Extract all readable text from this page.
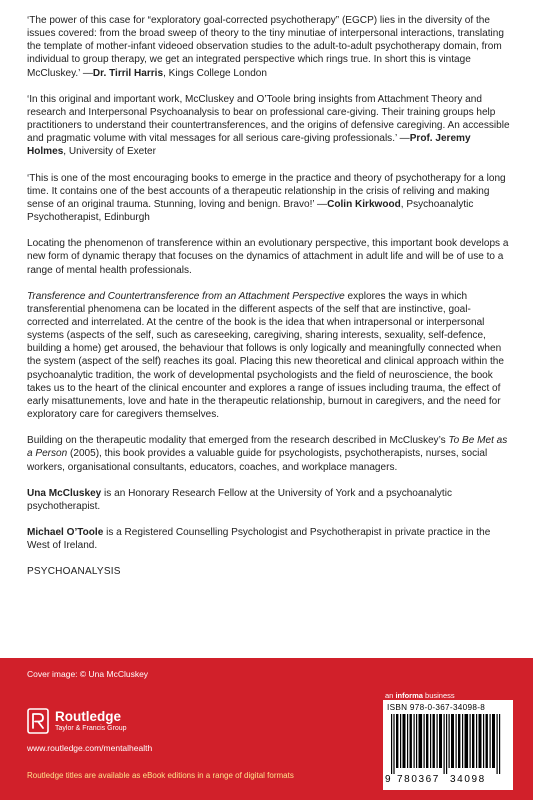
‘The power of this case for “exploratory goal-corrected psychotherapy” (EGCP) lies in the diversity of the issues covered: from the broad sweep of theory to the tiny minutiae of interpersonal interactions, translating the template of mother-infant videoed observation studies to the adult-to-adult psychotherapy domain, from individual to group therapy, we get an integrated perspective which rings true. In short this is vintage McCluskey.’ —Dr. Tirril Harris, Kings College London

‘In this original and important work, McCluskey and O’Toole bring insights from Attachment Theory and research and Interpersonal Psychoanalysis to bear on professional care-giving. Their training groups help practitioners to understand their countertransferences, and the origins of defensive caregiving. An accessible and pragmatic volume with vital messages for all serious care-giving professionals.’ —Prof. Jeremy Holmes, University of Exeter

‘This is one of the most encouraging books to emerge in the practice and theory of psychotherapy for a long time. It contains one of the best accounts of a therapeutic relationship in the crisis of reliving and making sense of an original trauma. Stunning, loving and benign. Bravo!’ —Colin Kirkwood, Psychoanalytic Psychotherapist, Edinburgh

Locating the phenomenon of transference within an evolutionary perspective, this important book develops a new form of dynamic therapy that focuses on the dynamics of attachment in adult life and will be of use to a range of mental health professionals.

Transference and Countertransference from an Attachment Perspective explores the ways in which transferential phenomena can be located in the different aspects of the self that are instinctive, goal-corrected and interrelated. At the centre of the book is the idea that when intrapersonal or interpersonal systems (aspects of the self, such as careseeking, caregiving, sharing interests, sexuality, self-defence, building a home) get aroused, the behaviour that follows is only logically and meaningfully connected when the system (aspect of the self) reaches its goal. Placing this new theoretical and clinical approach within the psychoanalytic tradition, the work of developmental psychologists and the field of neuroscience, the book takes us to the heart of the clinical encounter and explores a range of issues including trauma, the effect of early misattunements, love and hate in the therapeutic relationship, burnout in caregivers, and the need for exploratory care for caregivers themselves.

Building on the therapeutic modality that emerged from the research described in McCluskey’s To Be Met as a Person (2005), this book provides a valuable guide for psychologists, psychotherapists, nurses, social workers, organisational consultants, educators, coaches, and workplace managers.

Una McCluskey is an Honorary Research Fellow at the University of York and a psychoanalytic psychotherapist.

Michael O’Toole is a Registered Counselling Psychologist and Psychotherapist in private practice in the West of Ireland.

PSYCHOANALYSIS

Cover image: © Una McCluskey
Routledge
Taylor & Francis Group
www.routledge.com/mentalhealth
Routledge titles are available as eBook editions in a range of digital formats
an informa business
ISBN 978-0-367-34098-8
9 780367 34098
